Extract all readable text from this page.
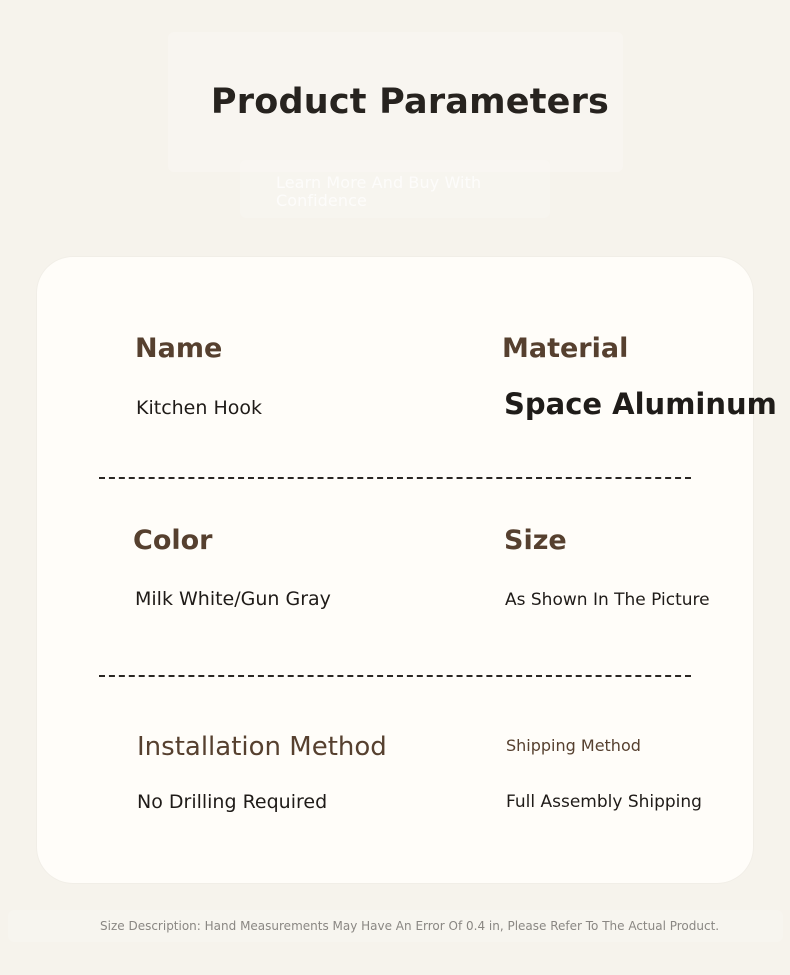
Product Parameters
Learn More And Buy With Confidence
Name
Kitchen Hook
Material
Space Aluminum
Color
Milk White/Gun Gray
Size
As Shown In The Picture
Installation Method
No Drilling Required
Shipping Method
Full Assembly Shipping
Size Description: Hand Measurements May Have An Error Of 0.4 in, Please Refer To The Actual Product.
